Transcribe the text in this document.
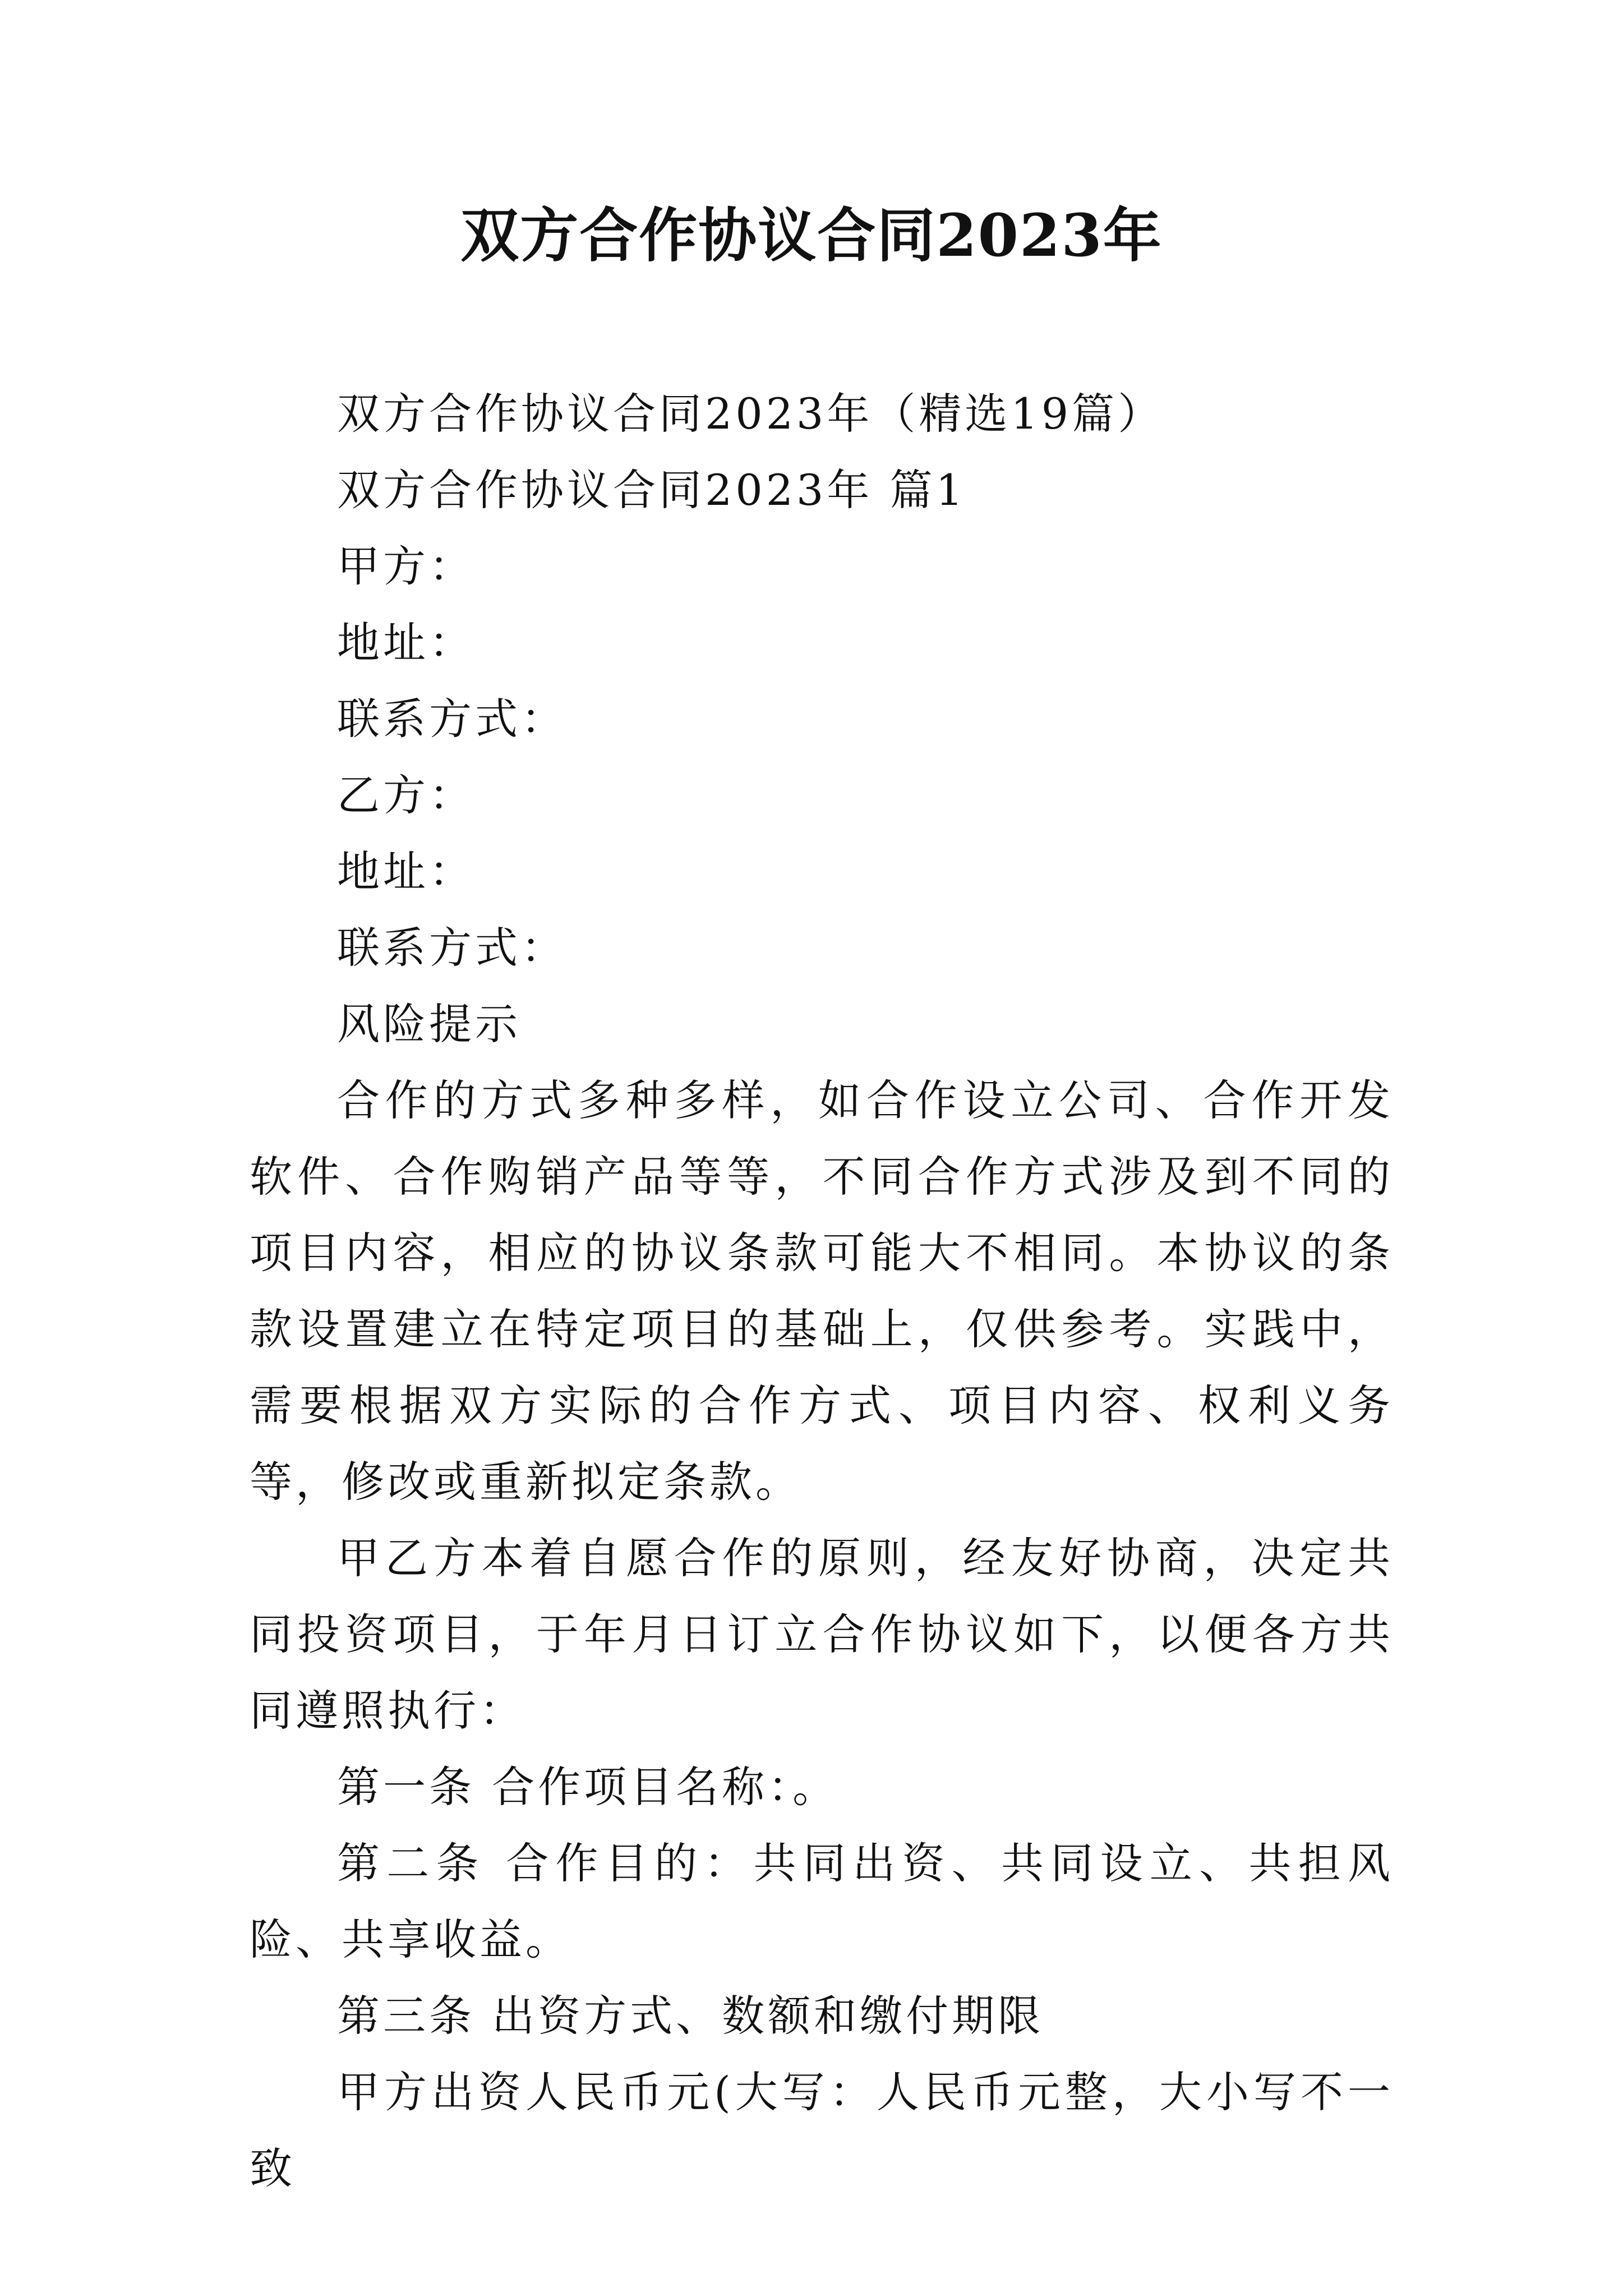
双方合作协议合同2023年

双方合作协议合同2023年（精选19篇）

双方合作协议合同2023年 篇1

甲方：

地址：

联系方式：

乙方：

地址：

联系方式：

风险提示

合作的方式多种多样，如合作设立公司、合作开发软件、合作购销产品等等，不同合作方式涉及到不同的项目内容，相应的协议条款可能大不相同。本协议的条款设置建立在特定项目的基础上，仅供参考。实践中，需要根据双方实际的合作方式、项目内容、权利义务等，修改或重新拟定条款。

甲乙方本着自愿合作的原则，经友好协商，决定共同投资项目，于年月日订立合作协议如下，以便各方共同遵照执行：

第一条 合作项目名称：。

第二条 合作目的：共同出资、共同设立、共担风险、共享收益。

第三条 出资方式、数额和缴付期限

甲方出资人民币元(大写：人民币元整，大小写不一致
